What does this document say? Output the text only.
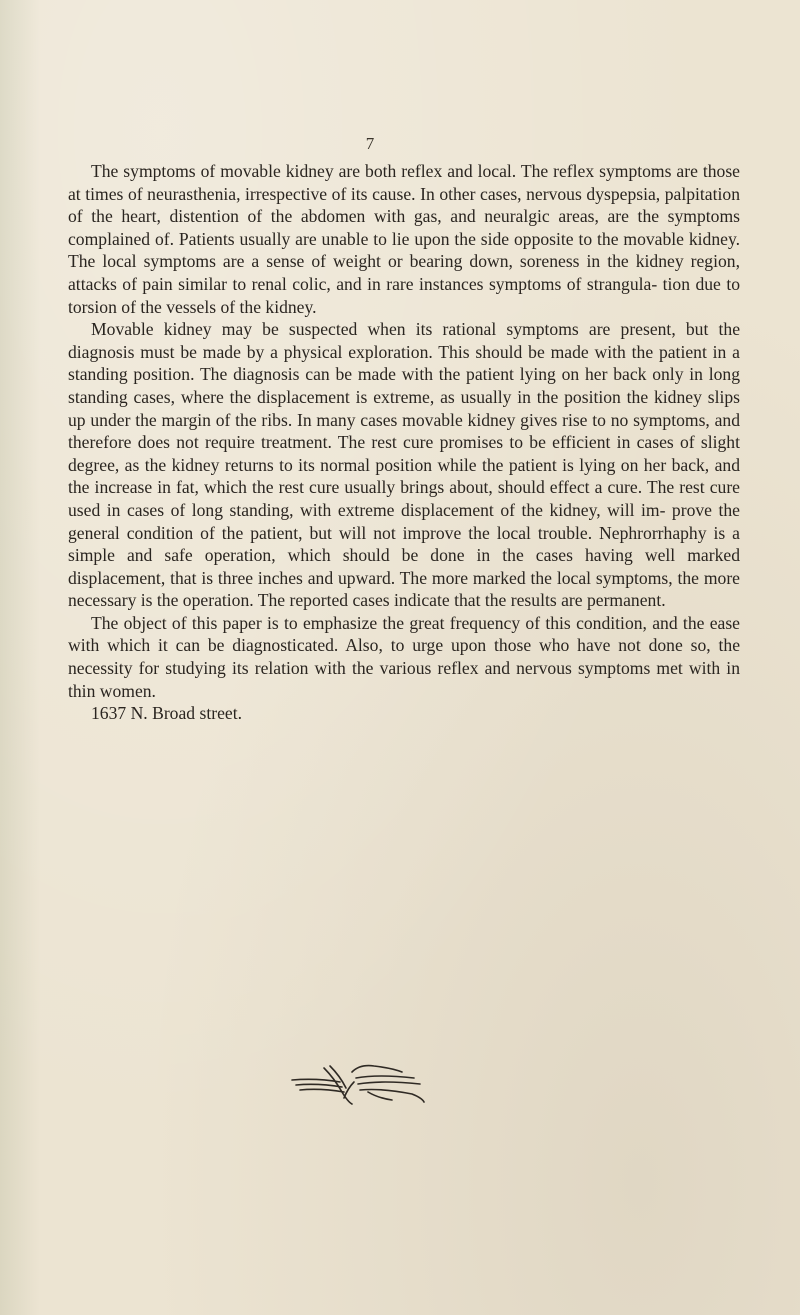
7

The symptoms of movable kidney are both reflex and local. The reflex symptoms are those at times of neurasthenia, irrespective of its cause. In other cases, nervous dyspepsia, palpitation of the heart, distention of the abdomen with gas, and neuralgic areas, are the symptoms complained of. Patients usually are unable to lie upon the side opposite to the movable kidney. The local symptoms are a sense of weight or bearing down, soreness in the kidney region, attacks of pain similar to renal colic, and in rare instances symptoms of strangula- tion due to torsion of the vessels of the kidney.

Movable kidney may be suspected when its rational symptoms are present, but the diagnosis must be made by a physical exploration. This should be made with the patient in a standing position. The diagnosis can be made with the patient lying on her back only in long standing cases, where the displacement is extreme, as usually in the position the kidney slips up under the margin of the ribs. In many cases movable kidney gives rise to no symptoms, and therefore does not require treatment. The rest cure promises to be efficient in cases of slight degree, as the kidney returns to its normal position while the patient is lying on her back, and the increase in fat, which the rest cure usually brings about, should effect a cure. The rest cure used in cases of long standing, with extreme displacement of the kidney, will im- prove the general condition of the patient, but will not improve the local trouble. Nephrorrhaphy is a simple and safe operation, which should be done in the cases having well marked displacement, that is three inches and upward. The more marked the local symptoms, the more necessary is the operation. The reported cases indicate that the results are permanent.

The object of this paper is to emphasize the great frequency of this condition, and the ease with which it can be diagnosticated. Also, to urge upon those who have not done so, the necessity for studying its relation with the various reflex and nervous symptoms met with in thin women.

1637 N. Broad street.
